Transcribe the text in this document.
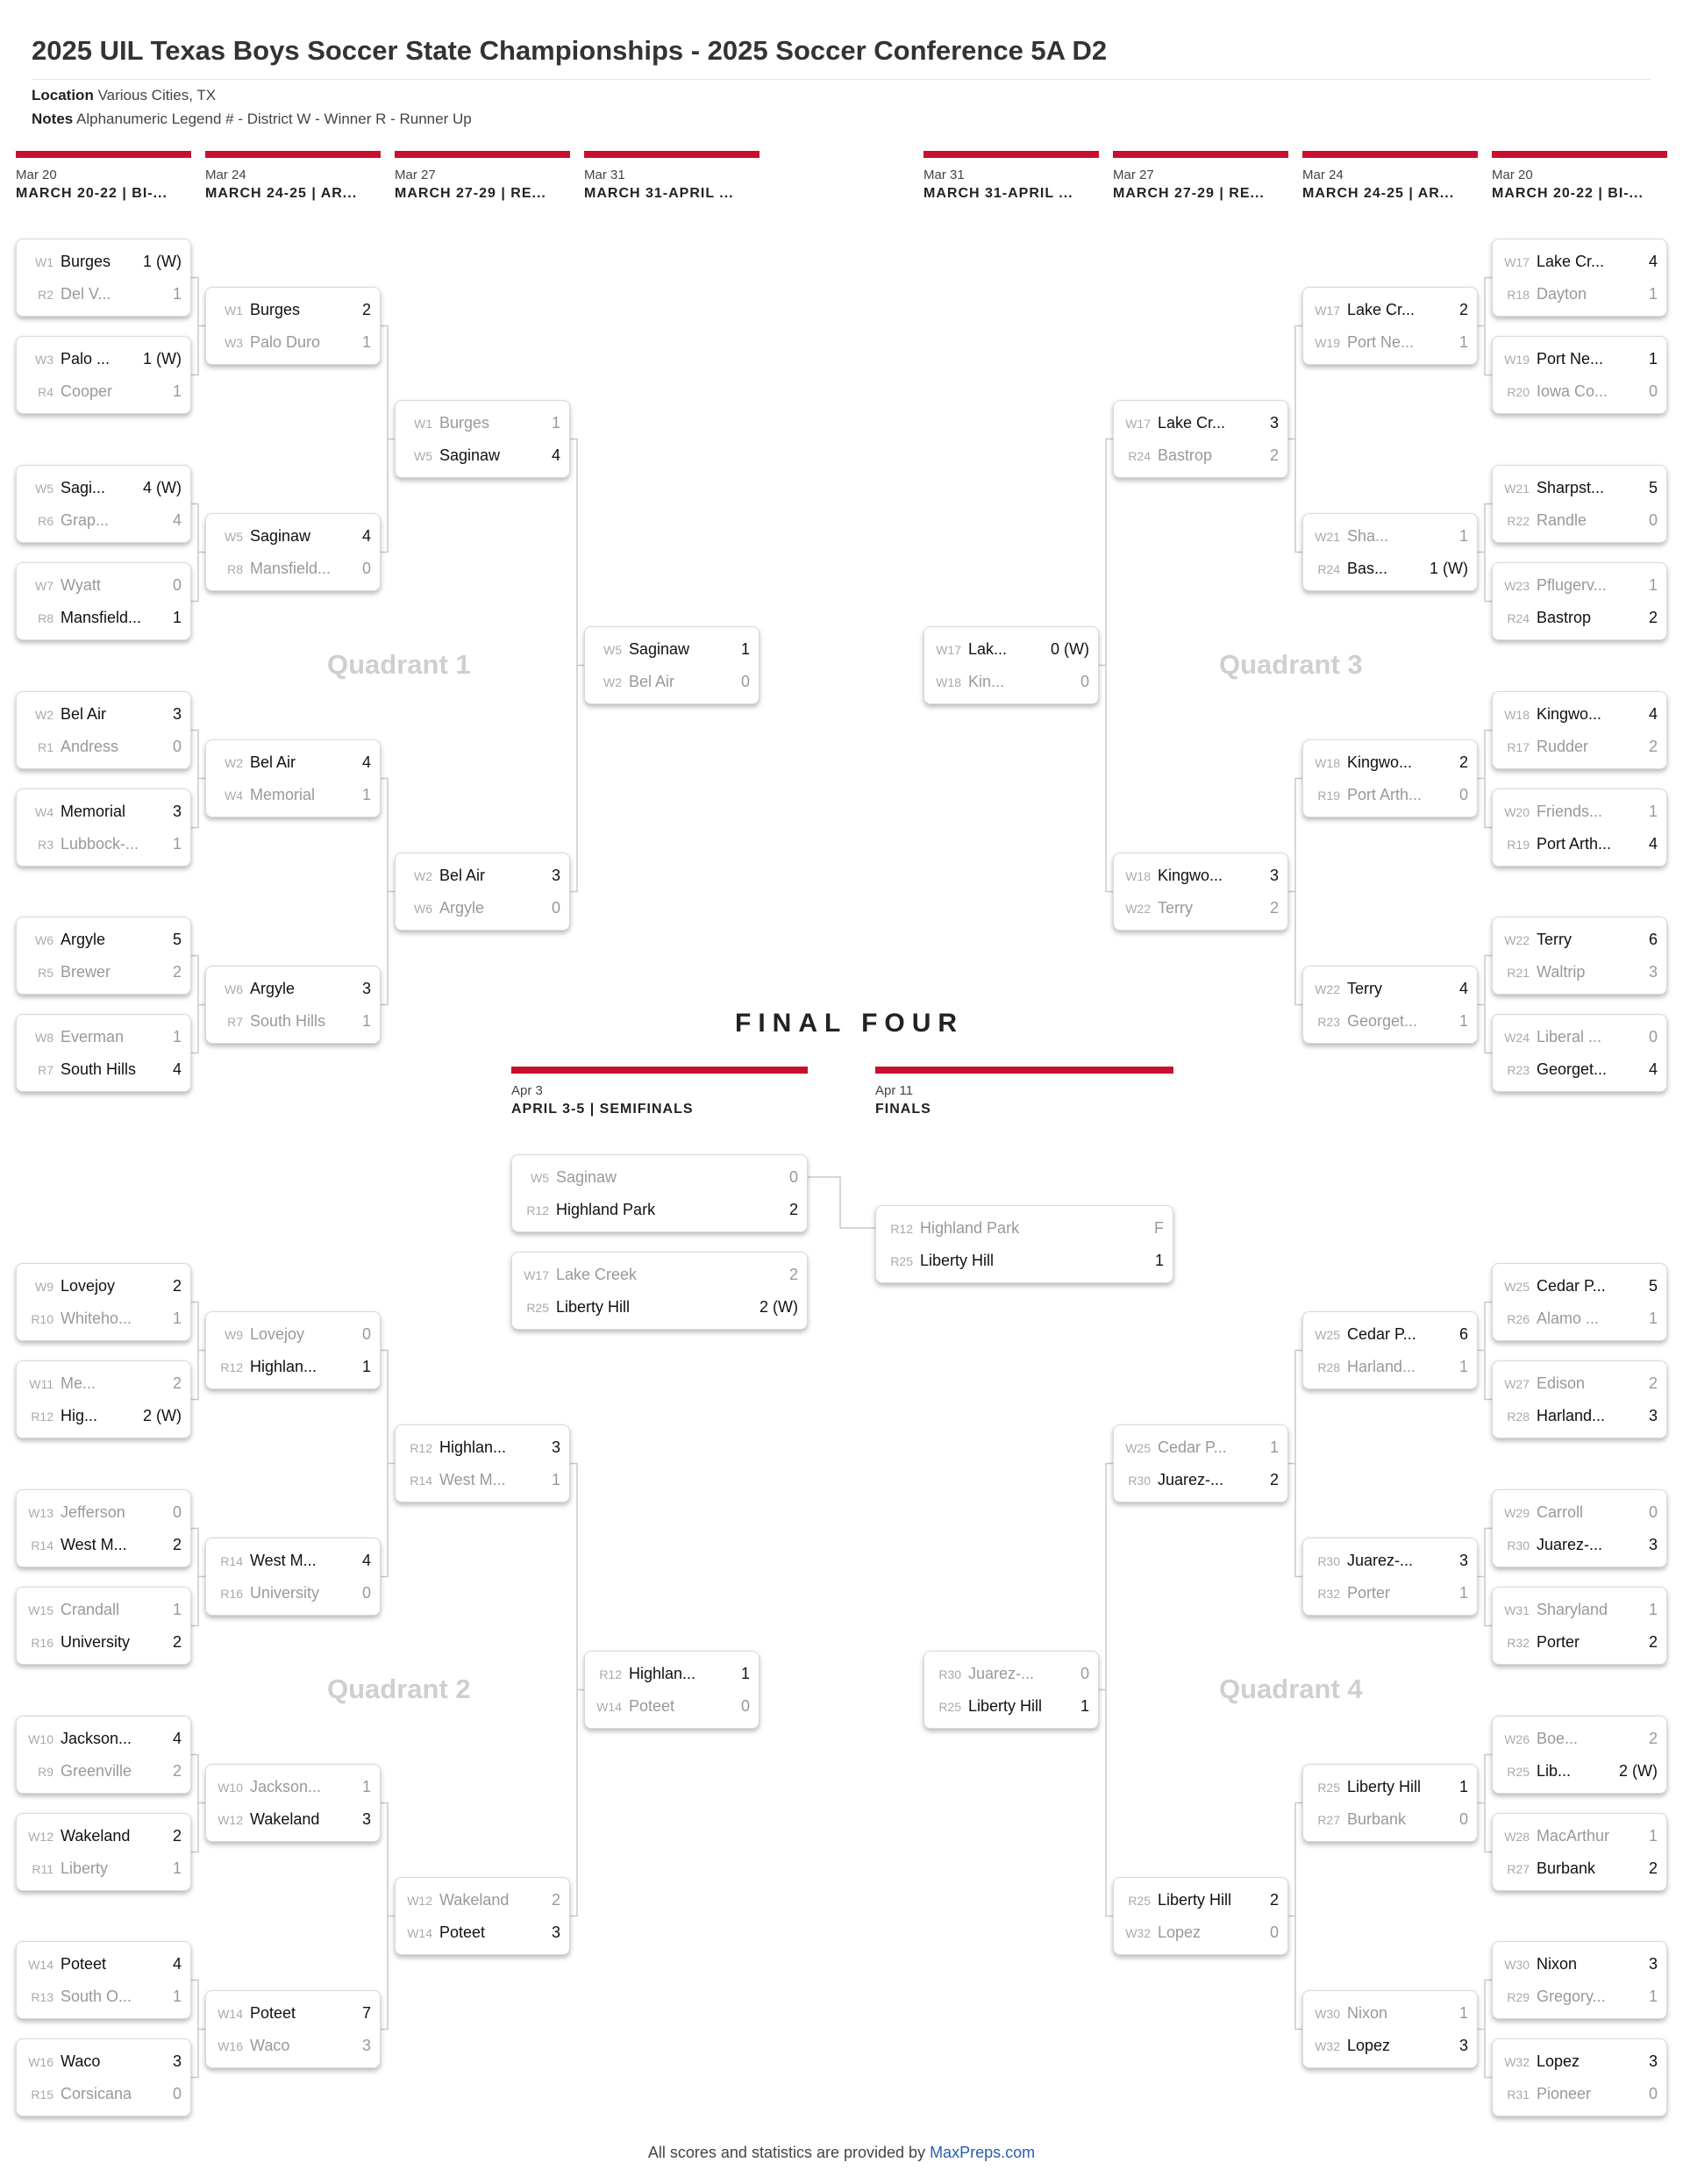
2025 UIL Texas Boys Soccer State Championships - 2025 Soccer Conference 5A D2
Location Various Cities, TX
Notes Alphanumeric Legend # - District W - Winner R - Runner Up
Mar 20
MARCH 20-22 | BI-...
Mar 24
MARCH 24-25 | AR...
Mar 27
MARCH 27-29 | RE...
Mar 31
MARCH 31-APRIL ...
Mar 31
MARCH 31-APRIL ...
Mar 27
MARCH 27-29 | RE...
Mar 24
MARCH 24-25 | AR...
Mar 20
MARCH 20-22 | BI-...
Quadrant 1
Quadrant 2
Quadrant 3
Quadrant 4
FINAL FOUR
Apr 3
APRIL 3-5 | SEMIFINALS
Apr 11
FINALS
W1 Burges 1 (W)
R2 Del V...	1
W3 Palo ... 1 (W)
R4 Cooper	1
W5 Sagi... 4 (W)
R6 Grap...	4
W7 Wyatt	0
R8 Mansfield... 1
W2 Bel Air	3
R1 Andress	0
W4 Memorial	3
R3 Lubbock-... 1
W6 Argyle	5
R5 Brewer	2
W8 Everman	1
R7 South Hills 4
W1 Burges	2
W3 Palo Duro	1
W5 Saginaw	4
R8 Mansfield... 0
W2 Bel Air	4
W4 Memorial	1
W6 Argyle	3
R7 South Hills 1
W1 Burges	1
W5 Saginaw	4
W2 Bel Air	3
W6 Argyle	0
W5 Saginaw	1
W2 Bel Air	0
W9 Lovejoy	2
R10 Whiteho...	1
W11 Me...	2
R12 Hig...	2 (W)
W13 Jefferson	0
R14 West M...	2
W15 Crandall	1
R16 University	2
W10 Jackson...	4
R9 Greenville	2
W12 Wakeland	2
R11 Liberty	1
W14 Poteet	4
R13 South O...	1
W16 Waco	3
R15 Corsicana	0
W9 Lovejoy	0
R12 Highlan...	1
R14 West M...	4
R16 University	0
W10 Jackson...	1
W12 Wakeland	3
W14 Poteet	7
W16 Waco	3
R12 Highlan...	3
R14 West M...	1
W12 Wakeland	2
W14 Poteet	3
R12 Highlan...	1
W14 Poteet	0
W17 Lake Cr...	4
R18 Dayton	1
W19 Port Ne...	1
R20 Iowa Co...	0
W21 Sharpst...	5
R22 Randle	0
W23 Pflugerv...	1
R24 Bastrop	2
W18 Kingwo...	4
R17 Rudder	2
W20 Friends...	1
R19 Port Arth... 4
W22 Terry	6
R21 Waltrip	3
W24 Liberal ...	0
R23 Georget...	4
W17 Lake Cr...	2
W19 Port Ne...	1
W21 Sha...	1
R24 Bas...	1 (W)
W18 Kingwo...	2
R19 Port Arth... 0
W22 Terry	4
R23 Georget...	1
W17 Lake Cr...	3
R24 Bastrop	2
W18 Kingwo...	3
W22 Terry	2
W17 Lak...	0 (W)
W18 Kin...	0
W25 Cedar P...	5
R26 Alamo ...	1
W27 Edison	2
R28 Harland...	3
W29 Carroll	0
R30 Juarez-...	3
W31 Sharyland	1
R32 Porter	2
W26 Boe...	2
R25 Lib...	2 (W)
W28 MacArthur 1
R27 Burbank	2
W30 Nixon	3
R29 Gregory...	1
W32 Lopez	3
R31 Pioneer	0
W25 Cedar P...	6
R28 Harland...	1
R30 Juarez-...	3
R32 Porter	1
R25 Liberty Hill 1
R27 Burbank	0
W30 Nixon	1
W32 Lopez	3
W25 Cedar P...	1
R30 Juarez-...	2
R25 Liberty Hill 2
W32 Lopez	0
R30 Juarez-...	0
R25 Liberty Hill 1
W5 Saginaw	0
R12 Highland Park	2
W17 Lake Creek	2
R25 Liberty Hill	2 (W)
R12 Highland Park	F
R25 Liberty Hill	1
All scores and statistics are provided by MaxPreps.com
